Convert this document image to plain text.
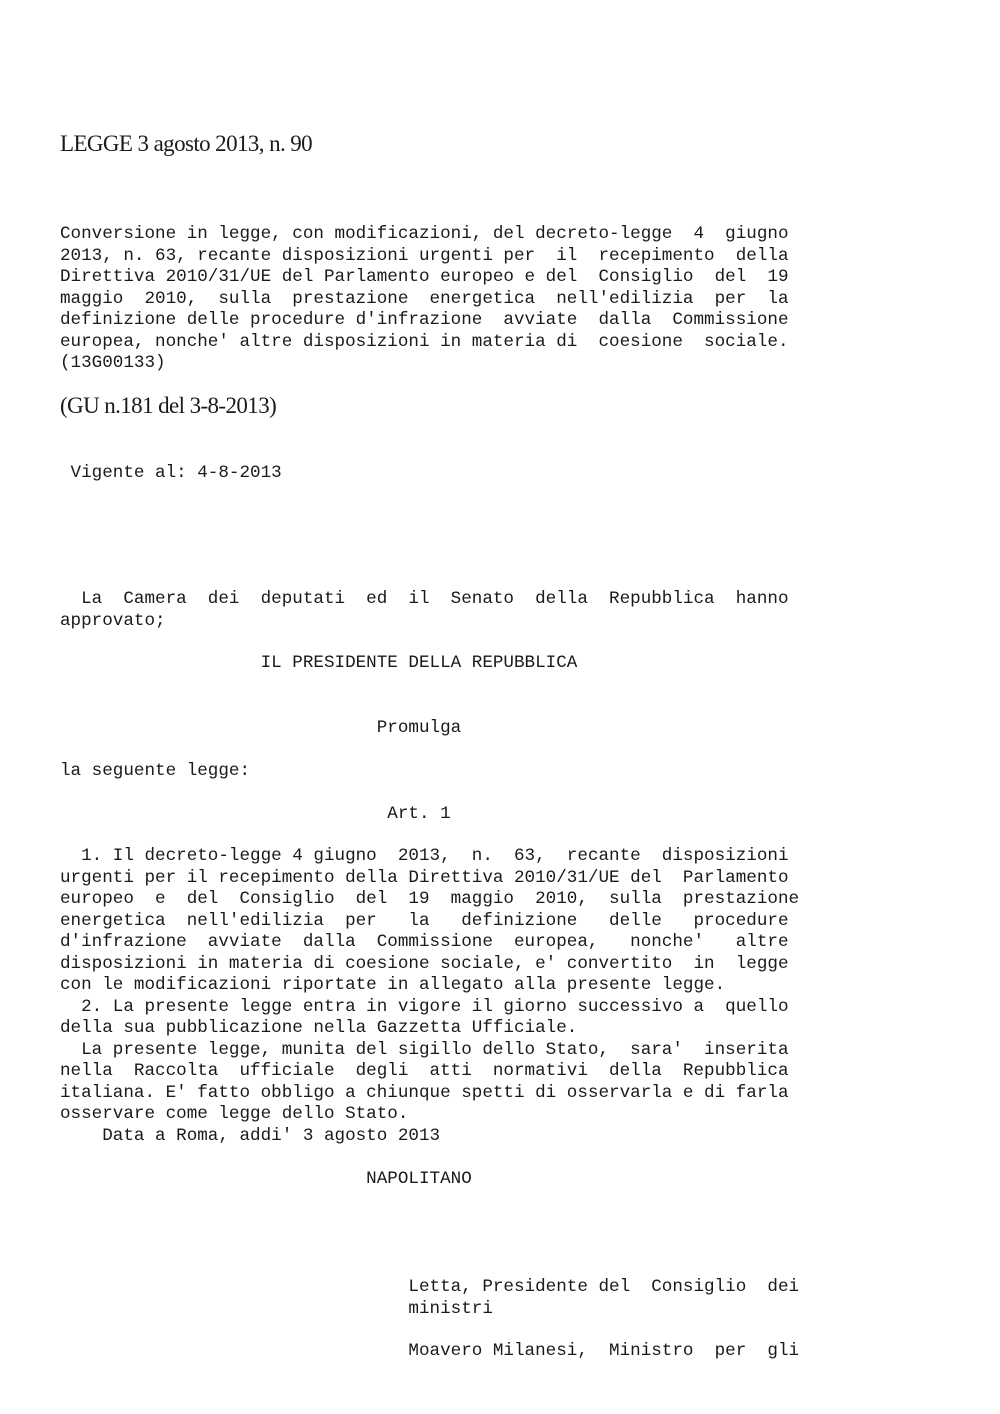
LEGGE 3 agosto 2013, n. 90

Conversione in legge, con modificazioni, del decreto-legge  4  giugno
2013, n. 63, recante disposizioni urgenti per  il  recepimento  della
Direttiva 2010/31/UE del Parlamento europeo e del  Consiglio  del  19
maggio  2010,  sulla  prestazione  energetica  nell'edilizia  per  la
definizione delle procedure d'infrazione  avviate  dalla  Commissione
europea, nonche' altre disposizioni in materia di  coesione  sociale.
(13G00133)

(GU n.181 del 3-8-2013)

Vigente al: 4-8-2013

La  Camera  dei  deputati  ed  il  Senato  della  Repubblica  hanno
approvato;

IL PRESIDENTE DELLA REPUBBLICA

Promulga

la seguente legge:

Art. 1

1. Il decreto-legge 4 giugno  2013,  n.  63,  recante  disposizioni
urgenti per il recepimento della Direttiva 2010/31/UE del  Parlamento
europeo  e  del  Consiglio  del  19  maggio  2010,  sulla  prestazione
energetica  nell'edilizia  per   la   definizione   delle   procedure
d'infrazione  avviate  dalla  Commissione  europea,   nonche'   altre
disposizioni in materia di coesione sociale, e' convertito  in  legge
con le modificazioni riportate in allegato alla presente legge.
2. La presente legge entra in vigore il giorno successivo a  quello
della sua pubblicazione nella Gazzetta Ufficiale.
La presente legge, munita del sigillo dello Stato,  sara'  inserita
nella  Raccolta  ufficiale  degli  atti  normativi  della  Repubblica
italiana. E' fatto obbligo a chiunque spetti di osservarla e di farla
osservare come legge dello Stato.
Data a Roma, addi' 3 agosto 2013

NAPOLITANO

Letta, Presidente del  Consiglio  dei
ministri

Moavero Milanesi,  Ministro  per  gli
